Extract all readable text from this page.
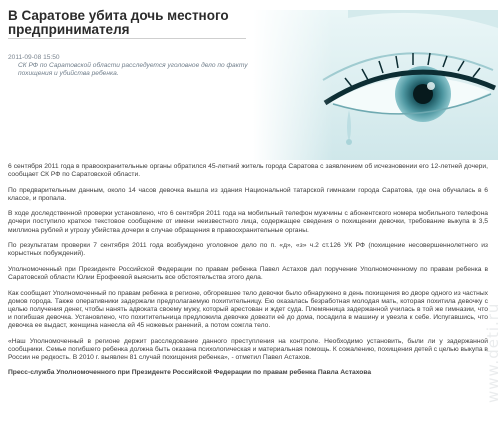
В Саратове убита дочь местного предпринимателя
2011-09-08 15:50
СК РФ по Саратовской области расследуется уголовное дело по факту похищения и убийства ребенка.

6 сентября 2011 года в правоохранительные органы обратился 45-летний житель города Саратова с заявлением об исчезновении его 12-летней дочери, сообщает СК РФ по Саратовской области.

По предварительным данным, около 14 часов девочка вышла из здания Национальной татарской гимназии города Саратова, где она обучалась в 6 классе, и пропала.

В ходе доследственной проверки установлено, что 6 сентября 2011 года на мобильный телефон мужчины с абонентского номера мобильного телефона дочери поступило краткое текстовое сообщение от имени неизвестного лица, содержащее сведения о похищении девочки, требование выкупа в 3,5 миллиона рублей и угрозу убийства дочери в случае обращения в правоохранительные органы.

По результатам проверки 7 сентября 2011 года возбуждено уголовное дело по п. «д», «з» ч.2 ст.126 УК РФ (похищение несовершеннолетнего из корыстных побуждений).

Уполномоченный при Президенте Российской Федерации по правам ребенка Павел Астахов дал поручение Уполномоченному по правам ребенка в Саратовской области Юлии Ерофеевой выяснить все обстоятельства этого дела.

Как сообщает Уполномоченный по правам ребенка в регионе, обгоревшее тело девочки было обнаружено в день похищения во дворе одного из частных домов города. Также оперативники задержали предполагаемую похитительницу. Ею оказалась безработная молодая мать, которая похитила девочку с целью получения денег, чтобы нанять адвоката своему мужу, который арестован и ждет суда. Племянница задержанной училась в той же гимназии, что и погибшая девочка. Установлено, что похитительница предложила девочке довезти её до дома, посадила в машину и увезла к себе. Испугавшись, что девочка ее выдаст, женщина нанесла ей 45 ножевых ранений, а потом сожгла тело.

«Наш Уполномоченный в регионе держит расследование данного преступления на контроле. Необходимо установить, были ли у задержанной сообщники. Семье погибшего ребенка должна быть оказана психологическая и материальная помощь. К сожалению, похищения детей с целью выкупа в России не редкость. В 2010 г. выявлен 81 случай похищения ребенка», - отметил Павел Астахов.

Пресс-служба Уполномоченного при Президенте Российской Федерации по правам ребенка Павла Астахова	www.deti.ru
